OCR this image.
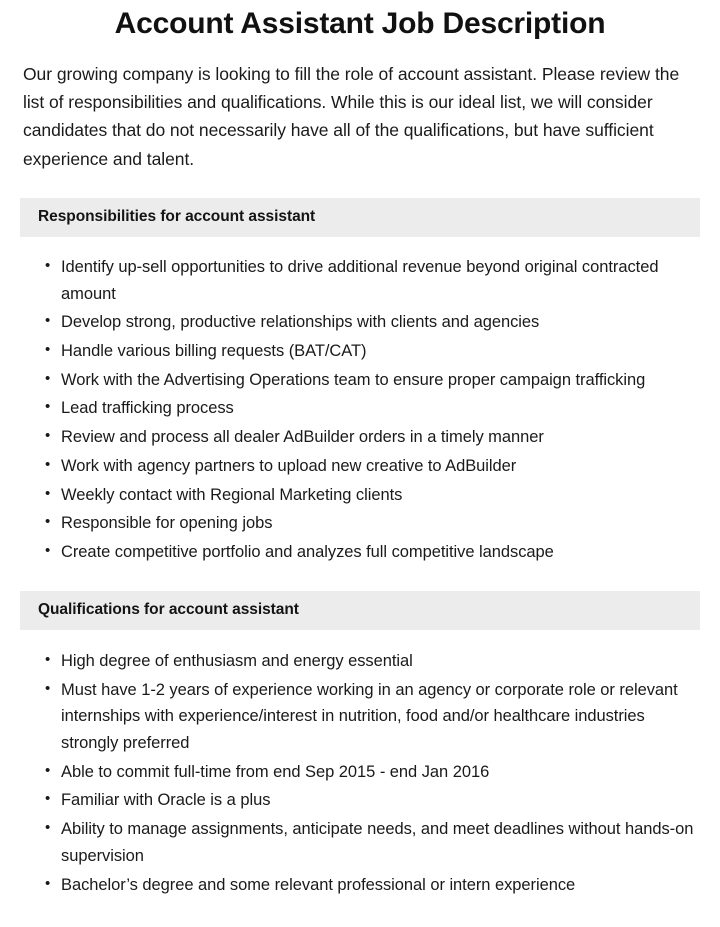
Account Assistant Job Description

Our growing company is looking to fill the role of account assistant. Please review the list of responsibilities and qualifications. While this is our ideal list, we will consider candidates that do not necessarily have all of the qualifications, but have sufficient experience and talent.

Responsibilities for account assistant
• Identify up-sell opportunities to drive additional revenue beyond original contracted amount
• Develop strong, productive relationships with clients and agencies
• Handle various billing requests (BAT/CAT)
• Work with the Advertising Operations team to ensure proper campaign trafficking
• Lead trafficking process
• Review and process all dealer AdBuilder orders in a timely manner
• Work with agency partners to upload new creative to AdBuilder
• Weekly contact with Regional Marketing clients
• Responsible for opening jobs
• Create competitive portfolio and analyzes full competitive landscape
Qualifications for account assistant
• High degree of enthusiasm and energy essential
• Must have 1-2 years of experience working in an agency or corporate role or relevant internships with experience/interest in nutrition, food and/or healthcare industries strongly preferred
• Able to commit full-time from end Sep 2015 - end Jan 2016
• Familiar with Oracle is a plus
• Ability to manage assignments, anticipate needs, and meet deadlines without hands-on supervision
• Bachelor’s degree and some relevant professional or intern experience
